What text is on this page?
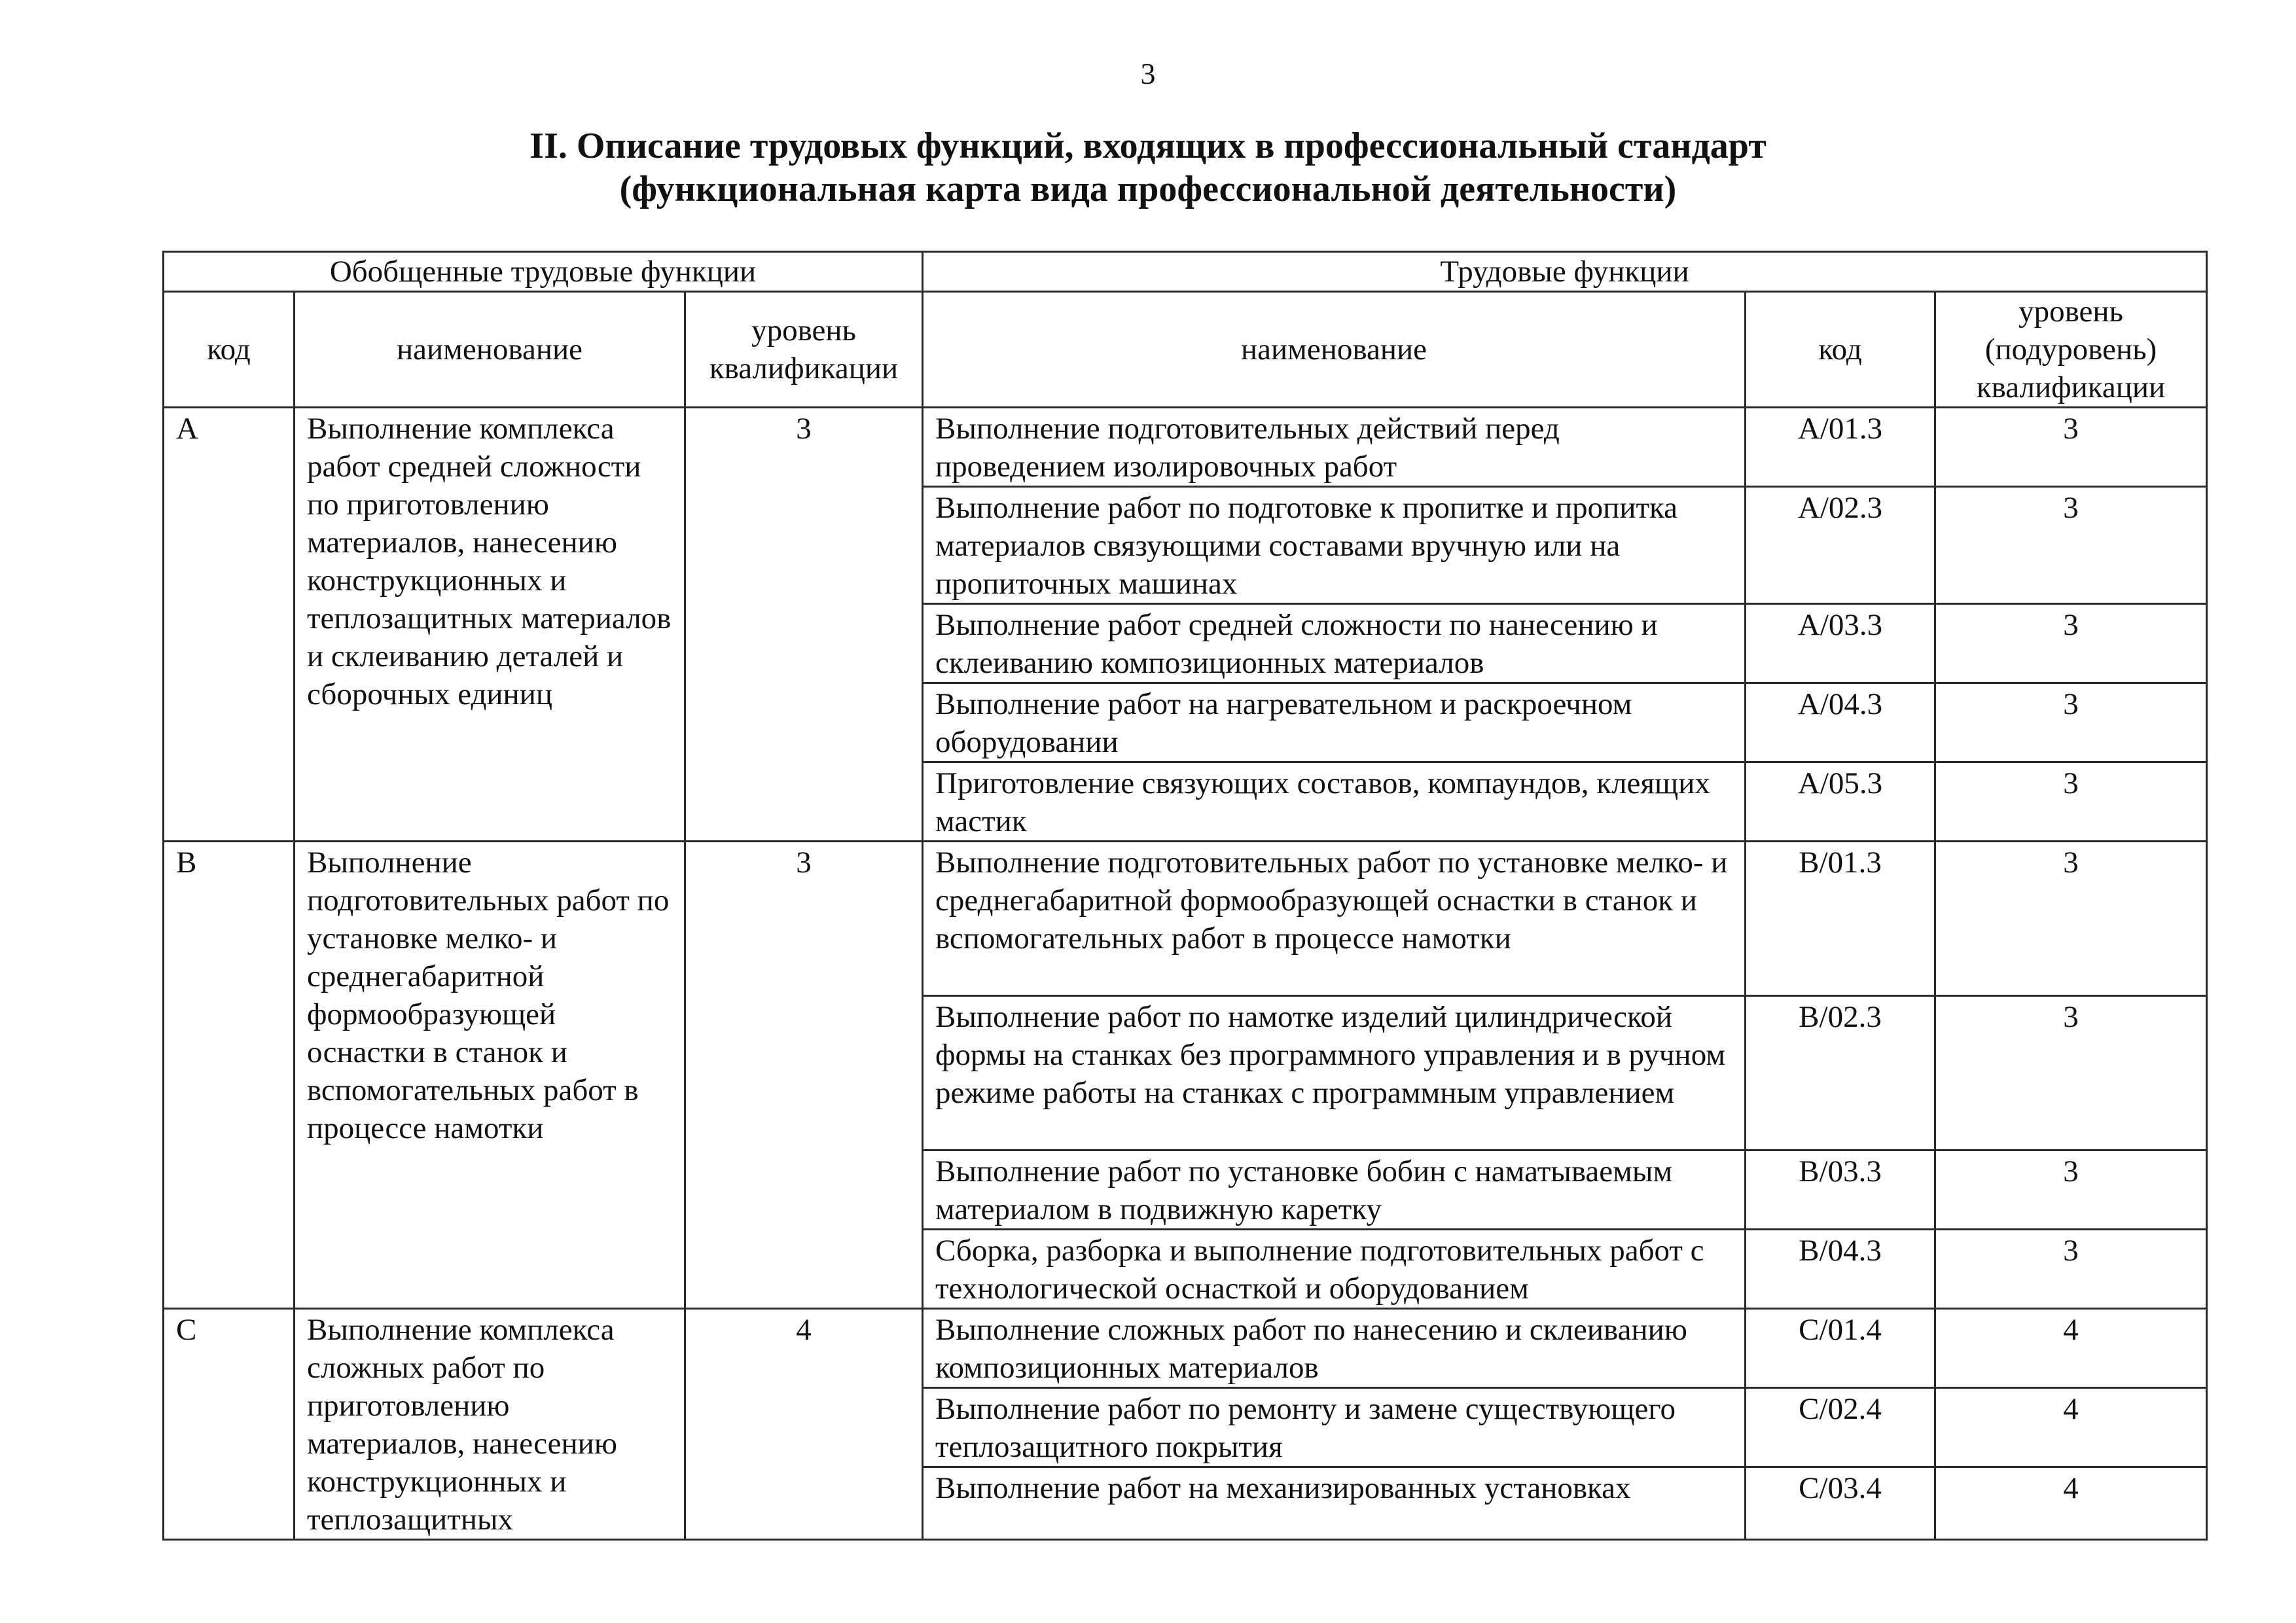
3
II. Описание трудовых функций, входящих в профессиональный стандарт
(функциональная карта вида профессиональной деятельности)
Обобщенные трудовые функции			Трудовые функции		
код	наименование	уровень квалификации	наименование	код	уровень (подуровень) квалификации
A	Выполнение комплекса работ средней сложности по приготовлению материалов, нанесению конструкционных и теплозащитных материалов и склеиванию деталей и сборочных единиц	3	Выполнение подготовительных действий перед проведением изолировочных работ	A/01.3	3
			Выполнение работ по подготовке к пропитке и пропитка материалов связующими составами вручную или на пропиточных машинах	A/02.3	3
			Выполнение работ средней сложности по нанесению и склеиванию композиционных материалов	A/03.3	3
			Выполнение работ на нагревательном и раскроечном оборудовании	A/04.3	3
			Приготовление связующих составов, компаундов, клеящих мастик	A/05.3	3
B	Выполнение подготовительных работ по установке мелко- и среднегабаритной формообразующей оснастки в станок и вспомогательных работ в процессе намотки	3	Выполнение подготовительных работ по установке мелко- и среднегабаритной формообразующей оснастки в станок и вспомогательных работ в процессе намотки	B/01.3	3
			Выполнение работ по намотке изделий цилиндрической формы на станках без программного управления и в ручном режиме работы на станках с программным управлением	B/02.3	3
			Выполнение работ по установке бобин с наматываемым материалом в подвижную каретку	B/03.3	3
			Сборка, разборка и выполнение подготовительных работ с технологической оснасткой и оборудованием	B/04.3	3
C	Выполнение комплекса сложных работ по приготовлению материалов, нанесению конструкционных и теплозащитных	4	Выполнение сложных работ по нанесению и склеиванию композиционных материалов	C/01.4	4
			Выполнение работ по ремонту и замене существующего теплозащитного покрытия	C/02.4	4
			Выполнение работ на механизированных установках	C/03.4	4
